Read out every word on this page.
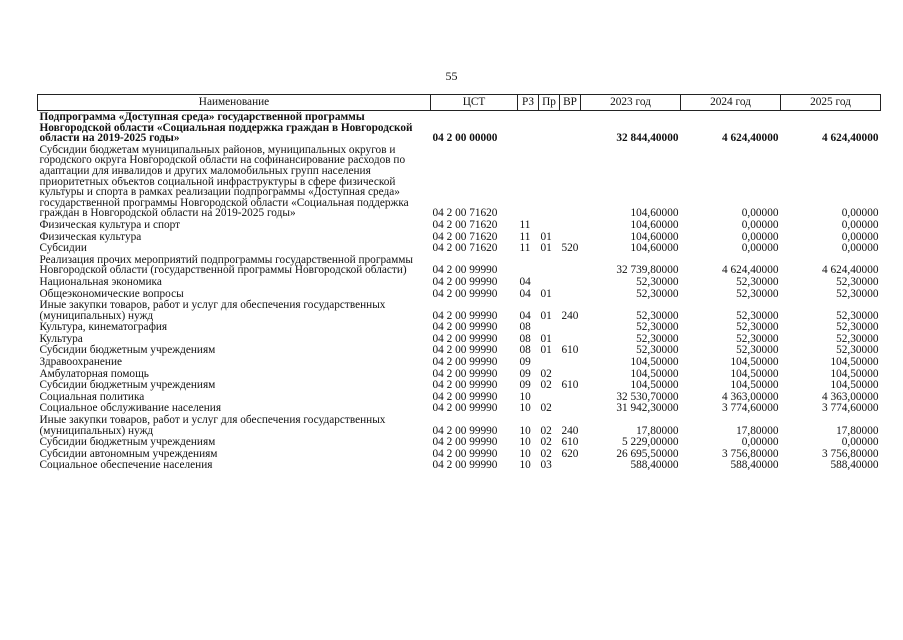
55
Наименование	ЦСТ	РЗ	Пр	ВР	2023 год	2024 год	2025 год
Подпрограмма «Доступная среда» государственной программы Новгородской области «Социальная поддержка граждан в Новгородской области на 2019-2025 годы»	04 2 00 00000				32 844,40000	4 624,40000	4 624,40000
Субсидии бюджетам муниципальных районов, муниципальных округов и городского округа Новгородской области на софинансирование расходов по адаптации для инвалидов и других маломобильных групп населения приоритетных объектов социальной инфраструктуры в сфере физической культуры и спорта в рамках реализации подпрограммы «Доступная среда» государственной программы Новгородской области «Социальная поддержка граждан в Новгородской области на 2019-2025 годы»	04 2 00 71620				104,60000	0,00000	0,00000
Физическая культура и спорт	04 2 00 71620	11			104,60000	0,00000	0,00000
Физическая культура	04 2 00 71620	11	01		104,60000	0,00000	0,00000
Субсидии	04 2 00 71620	11	01	520	104,60000	0,00000	0,00000
Реализация прочих мероприятий подпрограммы государственной программы Новгородской области (государственной программы Новгородской области)	04 2 00 99990				32 739,80000	4 624,40000	4 624,40000
Национальная экономика	04 2 00 99990	04			52,30000	52,30000	52,30000
Общеэкономические вопросы	04 2 00 99990	04	01		52,30000	52,30000	52,30000
Иные закупки товаров, работ и услуг для обеспечения государственных (муниципальных) нужд	04 2 00 99990	04	01	240	52,30000	52,30000	52,30000
Культура, кинематография	04 2 00 99990	08			52,30000	52,30000	52,30000
Культура	04 2 00 99990	08	01		52,30000	52,30000	52,30000
Субсидии бюджетным учреждениям	04 2 00 99990	08	01	610	52,30000	52,30000	52,30000
Здравоохранение	04 2 00 99990	09			104,50000	104,50000	104,50000
Амбулаторная помощь	04 2 00 99990	09	02		104,50000	104,50000	104,50000
Субсидии бюджетным учреждениям	04 2 00 99990	09	02	610	104,50000	104,50000	104,50000
Социальная политика	04 2 00 99990	10			32 530,70000	4 363,00000	4 363,00000
Социальное обслуживание населения	04 2 00 99990	10	02		31 942,30000	3 774,60000	3 774,60000
Иные закупки товаров, работ и услуг для обеспечения государственных (муниципальных) нужд	04 2 00 99990	10	02	240	17,80000	17,80000	17,80000
Субсидии бюджетным учреждениям	04 2 00 99990	10	02	610	5 229,00000	0,00000	0,00000
Субсидии автономным учреждениям	04 2 00 99990	10	02	620	26 695,50000	3 756,80000	3 756,80000
Социальное обеспечение населения	04 2 00 99990	10	03		588,40000	588,40000	588,40000
